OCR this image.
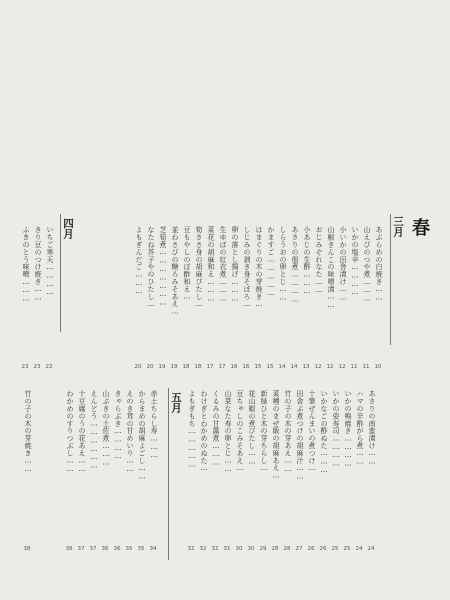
春
三月
四月	あぶらめの白焼き……
10
山えびのつや煮………
11
いかの塩辛…………
11
小いかの田舎漬け……
12
山椒きんこの味噌漬……
12
おじみぞれなた……
12
小あじの生酢………
13
あさりの佃煮…………
14
しらうおの卵とじ……
14
かますご……………
15
はまぐりの木の芽焼き…
15
しじみの剥き身そぼろ…
16
卵の落とし揚げ………
16
生ゆばの紅衣煮………
17
菜花の胡麻和え………
17
筍ささ身の胡麻ぴたし…
18
豆もやしのぽ酢和え…
18
並わさびの糖ろみそあえ…
19
芝筍煮…………………
19
なたね芥子やのひたし…
20
よもぎんだご………
20
いちご寒天…………
22
きり豆のつけ焼き……
23
ふきのとう味噌………
23
五月	あさりの南蛮漬け……
24
ハマの辛酢がら煮……
24
いかの鳴焼き…………
25
いかの姿寿司…………
25
いかなごの酢ぬた………
26
十筆ぜんまいの煮つけ…
26
田舎ぶ煮つけの胡麻汁……
27
竹の子の木の芽あえ……
28
菜種のまぜ飯の胡麻あえ…
28
新緑ひと木の芽ちらし…
29
花山椒の煮びたし……
30
豆ちゃしのこみそあえ…
30
山菜なた寿の卵とじ……
31
くるみの甘露煮………
32
わけぎとわかめのぬた…
32
よもぎもち……………
32
赤土ちらし寿………
34
からまめの胡麻よごし……
35
えのき茸の甘めいり……
35
きゃらぶき…………
36
山ぶきの土佐煮………
36
えんどう………………
37
十豆腐のうの花あえ……
37
わかめのすりつぶし……
38
竹の子の木の芽焼き……
38
